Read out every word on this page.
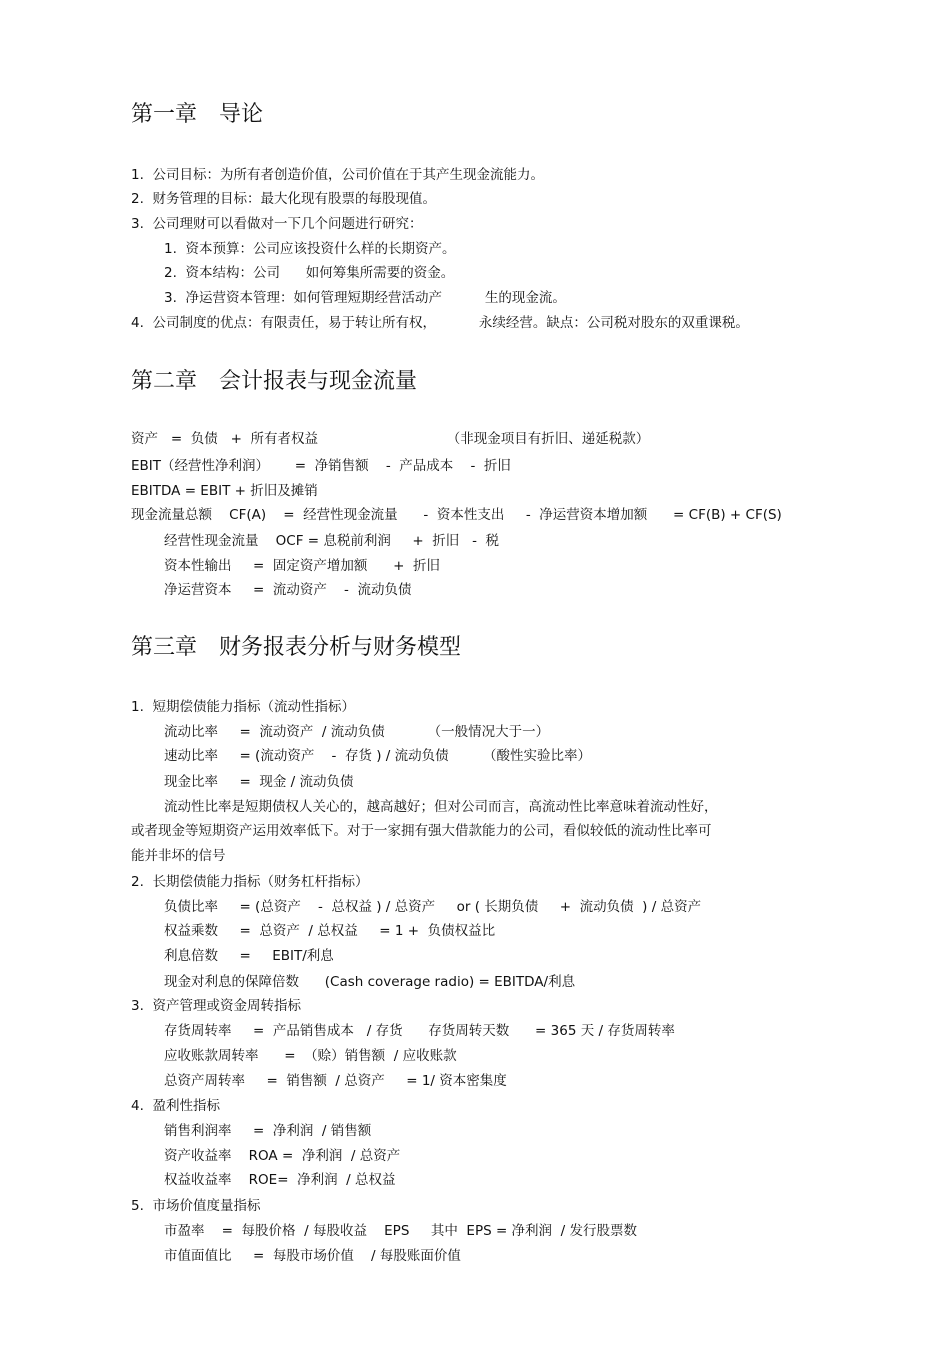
第一章　导论
1.  公司目标：为所有者创造价值，公司价值在于其产生现金流能力。
2.  财务管理的目标：最大化现有股票的每股现值。
3.  公司理财可以看做对一下几个问题进行研究：
1.  资本预算：公司应该投资什么样的长期资产。
2.  资本结构：公司      如何筹集所需要的资金。
3.  净运营资本管理：如何管理短期经营活动产          生的现金流。
4.  公司制度的优点：有限责任，易于转让所有权，          永续经营。缺点：公司税对股东的双重课税。
第二章　会计报表与现金流量
资产   =  负债   +  所有者权益                              （非现金项目有折旧、递延税款）
EBIT（经营性净利润）      =  净销售额    -  产品成本    -  折旧
EBITDA = EBIT + 折旧及摊销
现金流量总额    CF(A)    =  经营性现金流量      -  资本性支出     -  净运营资本增加额      = CF(B) + CF(S)
经营性现金流量    OCF = 息税前利润     +  折旧   -  税
资本性输出     =  固定资产增加额      +  折旧
净运营资本     =  流动资产    -  流动负债
第三章　财务报表分析与财务模型
1.  短期偿债能力指标（流动性指标）
流动比率     =  流动资产  / 流动负债          （一般情况大于一）
速动比率     = (流动资产    -  存货 ) / 流动负债        （酸性实验比率）
现金比率     =  现金 / 流动负债
流动性比率是短期债权人关心的，越高越好；但对公司而言，高流动性比率意味着流动性好，
或者现金等短期资产运用效率低下。对于一家拥有强大借款能力的公司，看似较低的流动性比率可
能并非坏的信号
2.  长期偿债能力指标（财务杠杆指标）
负债比率     = (总资产    -  总权益 ) / 总资产     or ( 长期负债     +  流动负债  ) / 总资产
权益乘数     =  总资产  / 总权益     = 1 +  负债权益比
利息倍数     =     EBIT/利息
现金对利息的保障倍数      (Cash coverage radio) = EBITDA/利息
3.  资产管理或资金周转指标
存货周转率     =  产品销售成本   / 存货      存货周转天数      = 365 天 / 存货周转率
应收账款周转率      =  （赊）销售额  / 应收账款
总资产周转率     =  销售额  / 总资产     = 1/ 资本密集度
4.  盈利性指标
销售利润率     =  净利润  / 销售额
资产收益率    ROA =  净利润  / 总资产
权益收益率    ROE=  净利润  / 总权益
5.  市场价值度量指标
市盈率    =  每股价格  / 每股收益    EPS     其中  EPS = 净利润  / 发行股票数
市值面值比     =  每股市场价值    / 每股账面价值
